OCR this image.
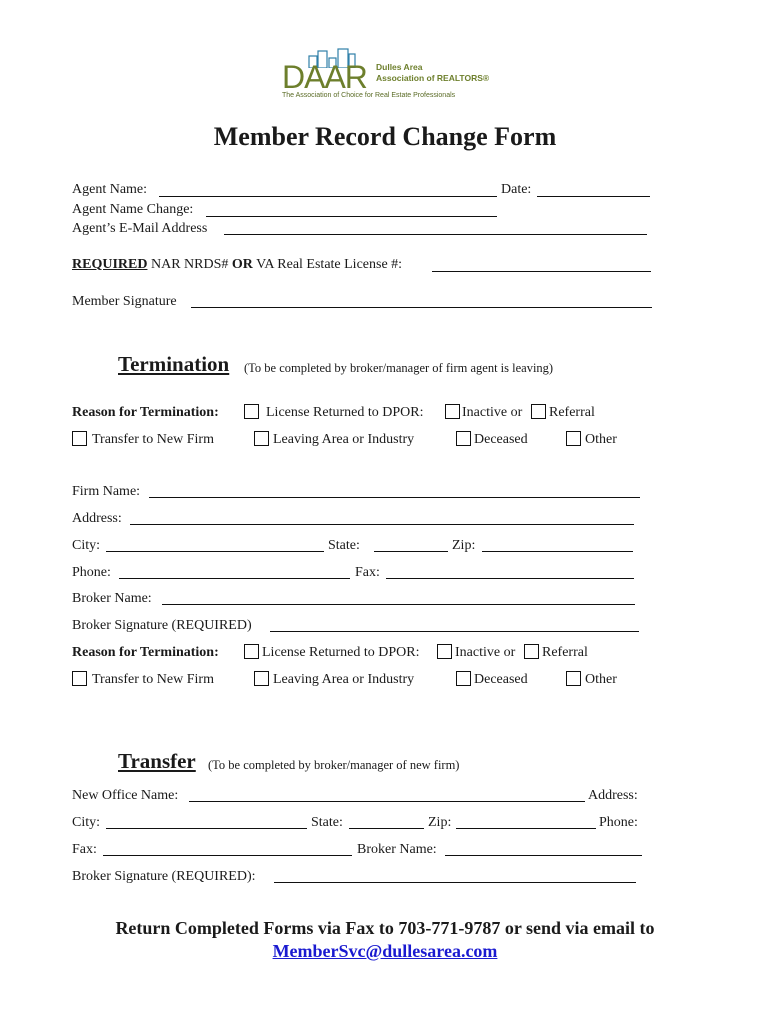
DAAR Dulles Area
Association of REALTORS®
The Association of Choice for Real Estate Professionals
Member Record Change Form
Agent Name:	Date:
Agent Name Change:
Agent’s E-Mail Address
REQUIRED NAR NRDS# OR VA Real Estate License #:
Member Signature
Termination (To be completed by broker/manager of firm agent is leaving)
Reason for Termination:	License Returned to DPOR:	Inactive or Referral
Transfer to New Firm	Leaving Area or Industry	Deceased	Other
Firm Name:
Address:
City:	State:	Zip:
Phone:	Fax:
Broker Name:
Broker Signature (REQUIRED)
Reason for Termination:	License Returned to DPOR:	Inactive or Referral
Transfer to New Firm	Leaving Area or Industry	Deceased	Other
Transfer (To be completed by broker/manager of new firm)
New Office Name:	Address:
City:	State:	Zip:	Phone:
Fax:	Broker Name:
Broker Signature (REQUIRED):
Return Completed Forms via Fax to 703-771-9787 or send via email to
MemberSvc@dullesarea.com
